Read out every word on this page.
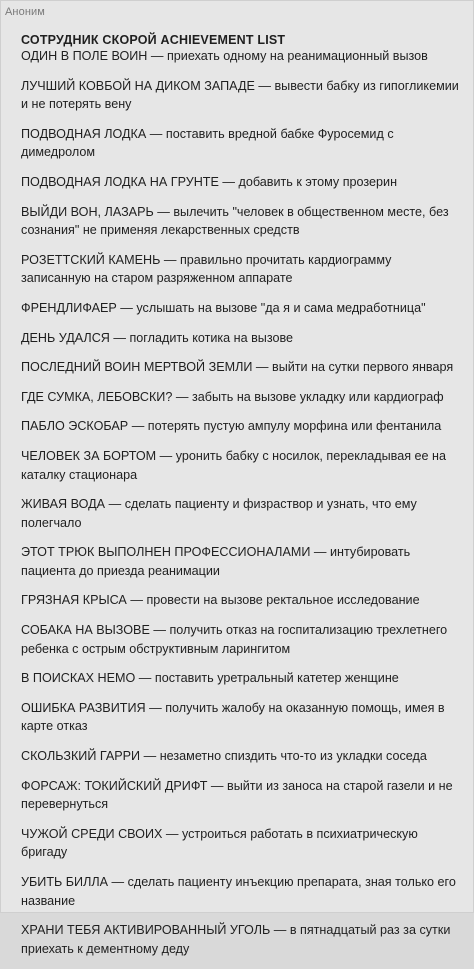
Аноним
СОТРУДНИК СКОРОЙ ACHIEVEMENT LIST
ОДИН В ПОЛЕ ВОИН — приехать одному на реанимационный вызов
ЛУЧШИЙ КОВБОЙ НА ДИКОМ ЗАПАДЕ — вывести бабку из гипогликемии и не потерять вену
ПОДВОДНАЯ ЛОДКА — поставить вредной бабке Фуросемид с димедролом
ПОДВОДНАЯ ЛОДКА НА ГРУНТЕ — добавить к этому прозерин
ВЫЙДИ ВОН, ЛАЗАРЬ — вылечить "человек в общественном месте, без сознания" не применяя лекарственных средств
РОЗЕТТСКИЙ КАМЕНЬ — правильно прочитать кардиограмму записанную на старом разряженном аппарате
ФРЕНДЛИФАЕР — услышать на вызове "да я и сама медработница"
ДЕНЬ УДАЛСЯ — погладить котика на вызове
ПОСЛЕДНИЙ ВОИН МЕРТВОЙ ЗЕМЛИ — выйти на сутки первого января
ГДЕ СУМКА, ЛЕБОВСКИ? — забыть на вызове укладку или кардиограф
ПАБЛО ЭСКОБАР — потерять пустую ампулу морфина или фентанила
ЧЕЛОВЕК ЗА БОРТОМ — уронить бабку с носилок, перекладывая ее на каталку стационара
ЖИВАЯ ВОДА — сделать пациенту и физраствор и узнать, что ему полегчало
ЭТОТ ТРЮК ВЫПОЛНЕН ПРОФЕССИОНАЛАМИ — интубировать пациента до приезда реанимации
ГРЯЗНАЯ КРЫСА — провести на вызове ректальное исследование
СОБАКА НА ВЫЗОВЕ — получить отказ на госпитализацию трехлетнего ребенка с острым обструктивным ларингитом
В ПОИСКАХ НЕМО — поставить уретральный катетер женщине
ОШИБКА РАЗВИТИЯ — получить жалобу на оказанную помощь, имея в карте отказ
СКОЛЬЗКИЙ ГАРРИ — незаметно спиздить что-то из укладки соседа
ФОРСАЖ: ТОКИЙСКИЙ ДРИФТ — выйти из заноса на старой газели и не перевернуться
ЧУЖОЙ СРЕДИ СВОИХ — устроиться работать в психиатрическую бригаду
УБИТЬ БИЛЛА — сделать пациенту инъекцию препарата, зная только его название
ХРАНИ ТЕБЯ АКТИВИРОВАННЫЙ УГОЛЬ — в пятнадцатый раз за сутки приехать к дементному деду
